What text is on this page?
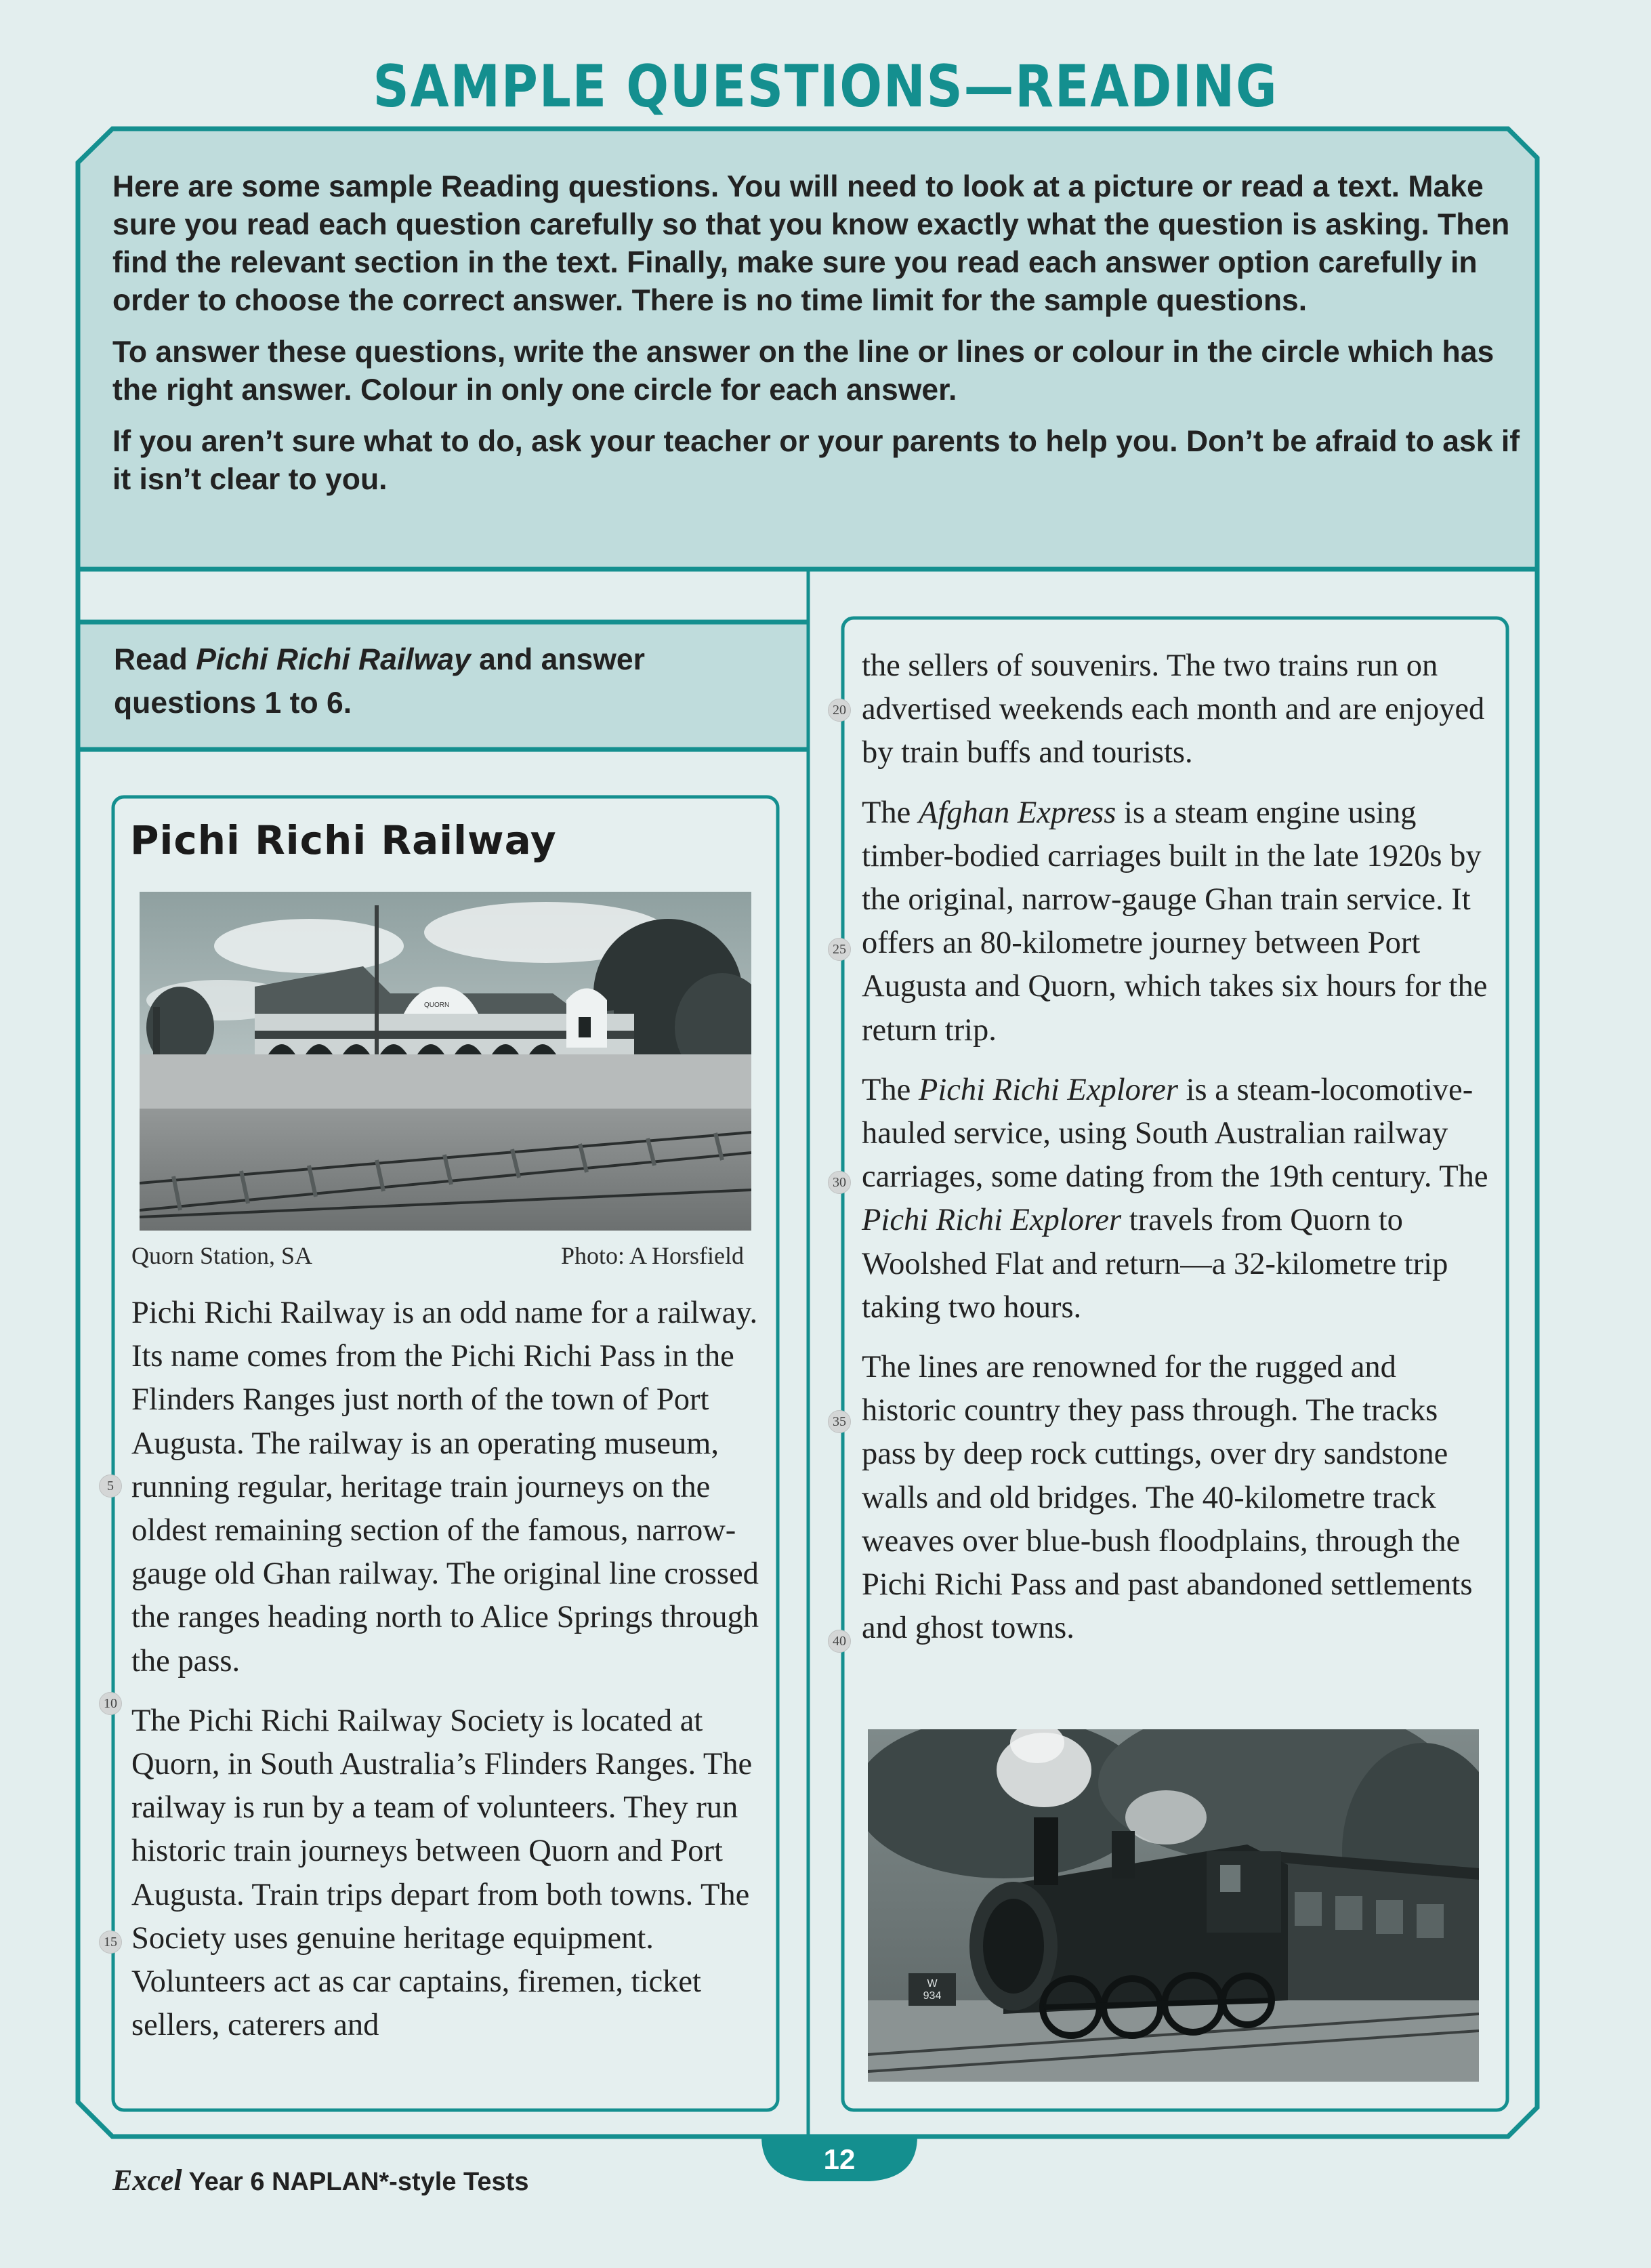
SAMPLE QUESTIONS—READING

Here are some sample Reading questions. You will need to look at a picture or read a text. Make sure you read each question carefully so that you know exactly what the question is asking. Then find the relevant section in the text. Finally, make sure you read each answer option carefully in order to choose the correct answer. There is no time limit for the sample questions.

To answer these questions, write the answer on the line or lines or colour in the circle which has the right answer. Colour in only one circle for each answer.

If you aren’t sure what to do, ask your teacher or your parents to help you. Don’t be afraid to ask if it isn’t clear to you.

Read Pichi Richi Railway and answer questions 1 to 6.
Pichi Richi Railway
QUORN
Quorn Station, SA	Photo: A Horsfield

Pichi Richi Railway is an odd name for a railway. Its name comes from the Pichi Richi Pass in the Flinders Ranges just north of the town of Port Augusta. The railway is an operating museum, running regular, heritage train journeys on the oldest remaining section of the famous, narrow-gauge old Ghan railway. The original line crossed the ranges heading north to Alice Springs through the pass.

The Pichi Richi Railway Society is located at Quorn, in South Australia’s Flinders Ranges. The railway is run by a team of volunteers. They run historic train journeys between Quorn and Port Augusta. Train trips depart from both towns. The Society uses genuine heritage equipment. Volunteers act as car captains, firemen, ticket sellers, caterers and

the sellers of souvenirs. The two trains run on advertised weekends each month and are enjoyed by train buffs and tourists.

The Afghan Express is a steam engine using timber-bodied carriages built in the late 1920s by the original, narrow-gauge Ghan train service. It offers an 80-kilometre journey between Port Augusta and Quorn, which takes six hours for the return trip.

The Pichi Richi Explorer is a steam-locomotive-hauled service, using South Australian railway carriages, some dating from the 19th century. The Pichi Richi Explorer travels from Quorn to Woolshed Flat and return—a 32-kilometre trip taking two hours.

The lines are renowned for the rugged and historic country they pass through. The tracks pass by deep rock cuttings, over dry sandstone walls and old bridges. The 40-kilometre track weaves over blue-bush floodplains, through the Pichi Richi Pass and past abandoned settlements and ghost towns.

5
10
15
20
25
30
35
40
W 934
Excel Year 6 NAPLAN*-style Tests
12
